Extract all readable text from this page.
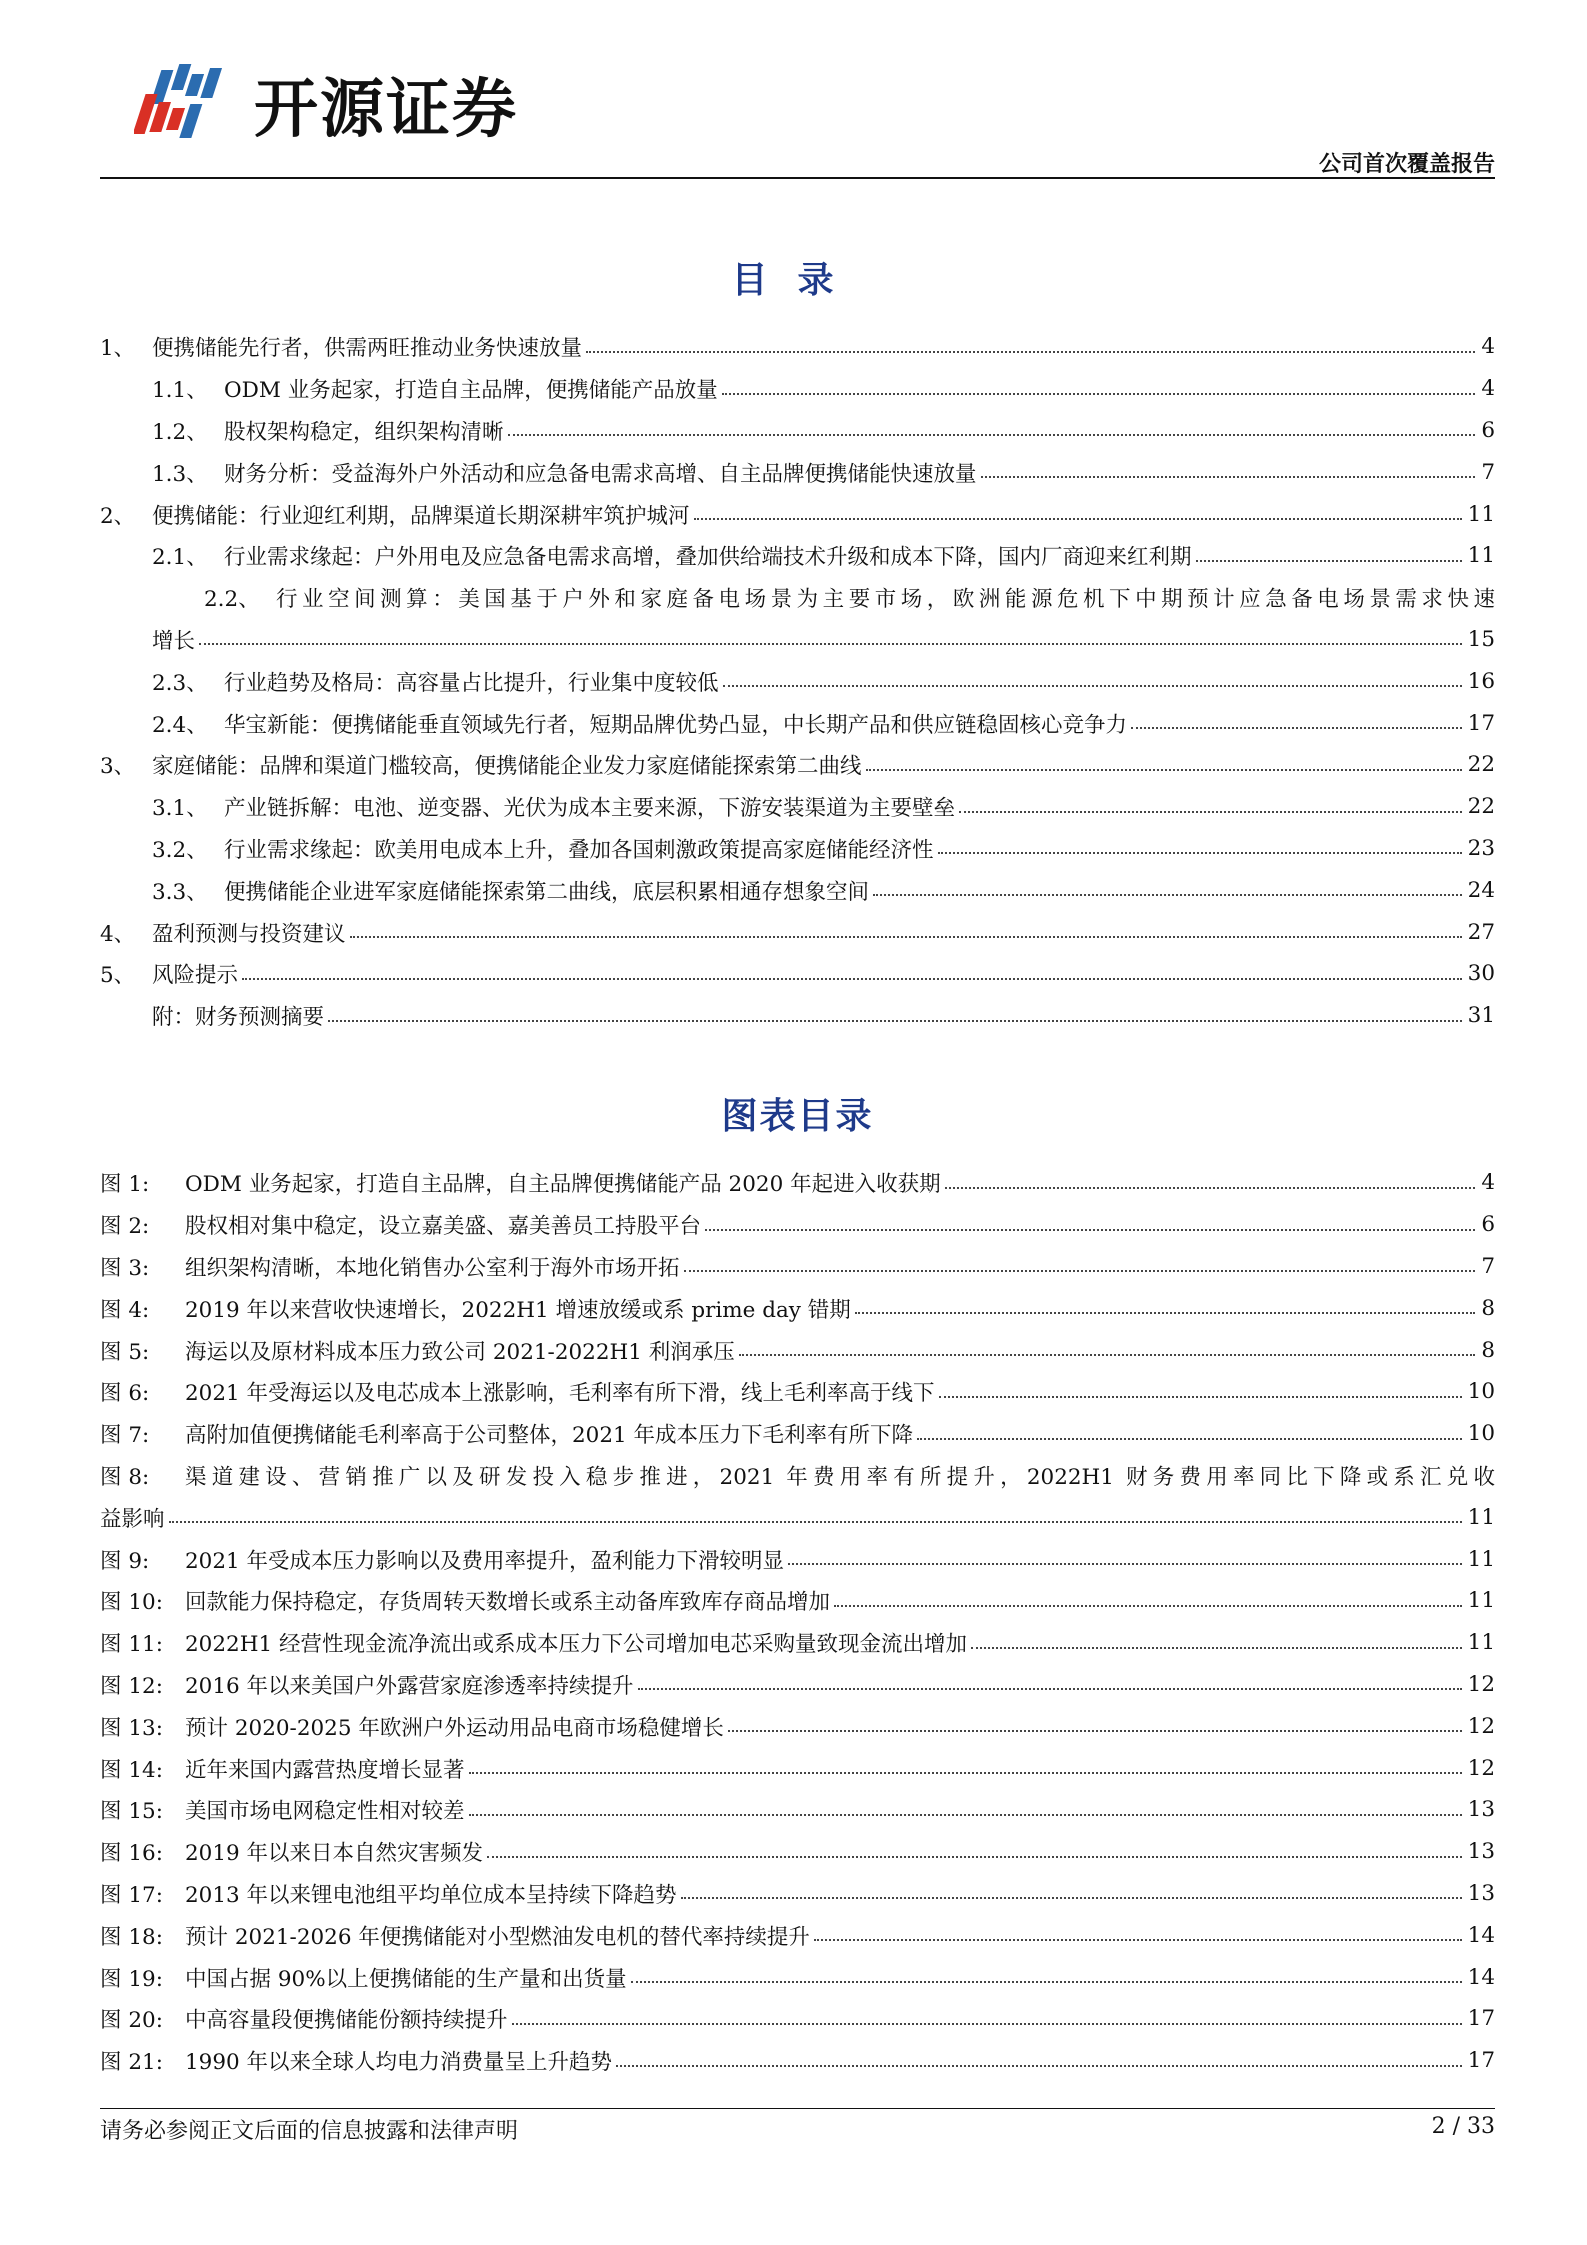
开源证券
公司首次覆盖报告
目录
1、 便携储能先行者，供需两旺推动业务快速放量	4
1.1、 ODM 业务起家，打造自主品牌，便携储能产品放量	4
1.2、 股权架构稳定，组织架构清晰	6
1.3、 财务分析：受益海外户外活动和应急备电需求高增、自主品牌便携储能快速放量	7
2、 便携储能：行业迎红利期，品牌渠道长期深耕牢筑护城河	11
2.1、 行业需求缘起：户外用电及应急备电需求高增，叠加供给端技术升级和成本下降，国内厂商迎来红利期	11
2.2、 行业空间测算：美国基于户外和家庭备电场景为主要市场，欧洲能源危机下中期预计应急备电场景需求快速
增长	15
2.3、 行业趋势及格局：高容量占比提升，行业集中度较低	16
2.4、 华宝新能：便携储能垂直领域先行者，短期品牌优势凸显，中长期产品和供应链稳固核心竞争力	17
3、 家庭储能：品牌和渠道门槛较高，便携储能企业发力家庭储能探索第二曲线	22
3.1、 产业链拆解：电池、逆变器、光伏为成本主要来源，下游安装渠道为主要壁垒	22
3.2、 行业需求缘起：欧美用电成本上升，叠加各国刺激政策提高家庭储能经济性	23
3.3、 便携储能企业进军家庭储能探索第二曲线，底层积累相通存想象空间	24
4、 盈利预测与投资建议	27
5、 风险提示	30
附：财务预测摘要	31
图表目录
图 1:	ODM 业务起家，打造自主品牌，自主品牌便携储能产品 2020 年起进入收获期	4
图 2:	股权相对集中稳定，设立嘉美盛、嘉美善员工持股平台	6
图 3:	组织架构清晰，本地化销售办公室利于海外市场开拓	7
图 4:	2019 年以来营收快速增长，2022H1 增速放缓或系 prime day 错期	8
图 5:	海运以及原材料成本压力致公司 2021-2022H1 利润承压	8
图 6:	2021 年受海运以及电芯成本上涨影响，毛利率有所下滑，线上毛利率高于线下	10
图 7:	高附加值便携储能毛利率高于公司整体，2021 年成本压力下毛利率有所下降	10
图 8:	渠道建设、营销推广以及研发投入稳步推进，2021 年费用率有所提升，2022H1 财务费用率同比下降或系汇兑收
益影响	11
图 9:	2021 年受成本压力影响以及费用率提升，盈利能力下滑较明显	11
图 10:	回款能力保持稳定，存货周转天数增长或系主动备库致库存商品增加	11
图 11:	2022H1 经营性现金流净流出或系成本压力下公司增加电芯采购量致现金流出增加	11
图 12:	2016 年以来美国户外露营家庭渗透率持续提升	12
图 13:	预计 2020-2025 年欧洲户外运动用品电商市场稳健增长	12
图 14:	近年来国内露营热度增长显著	12
图 15:	美国市场电网稳定性相对较差	13
图 16:	2019 年以来日本自然灾害频发	13
图 17:	2013 年以来锂电池组平均单位成本呈持续下降趋势	13
图 18:	预计 2021-2026 年便携储能对小型燃油发电机的替代率持续提升	14
图 19:	中国占据 90%以上便携储能的生产量和出货量	14
图 20:	中高容量段便携储能份额持续提升	17
图 21:	1990 年以来全球人均电力消费量呈上升趋势	17
请务必参阅正文后面的信息披露和法律声明	2 / 33
